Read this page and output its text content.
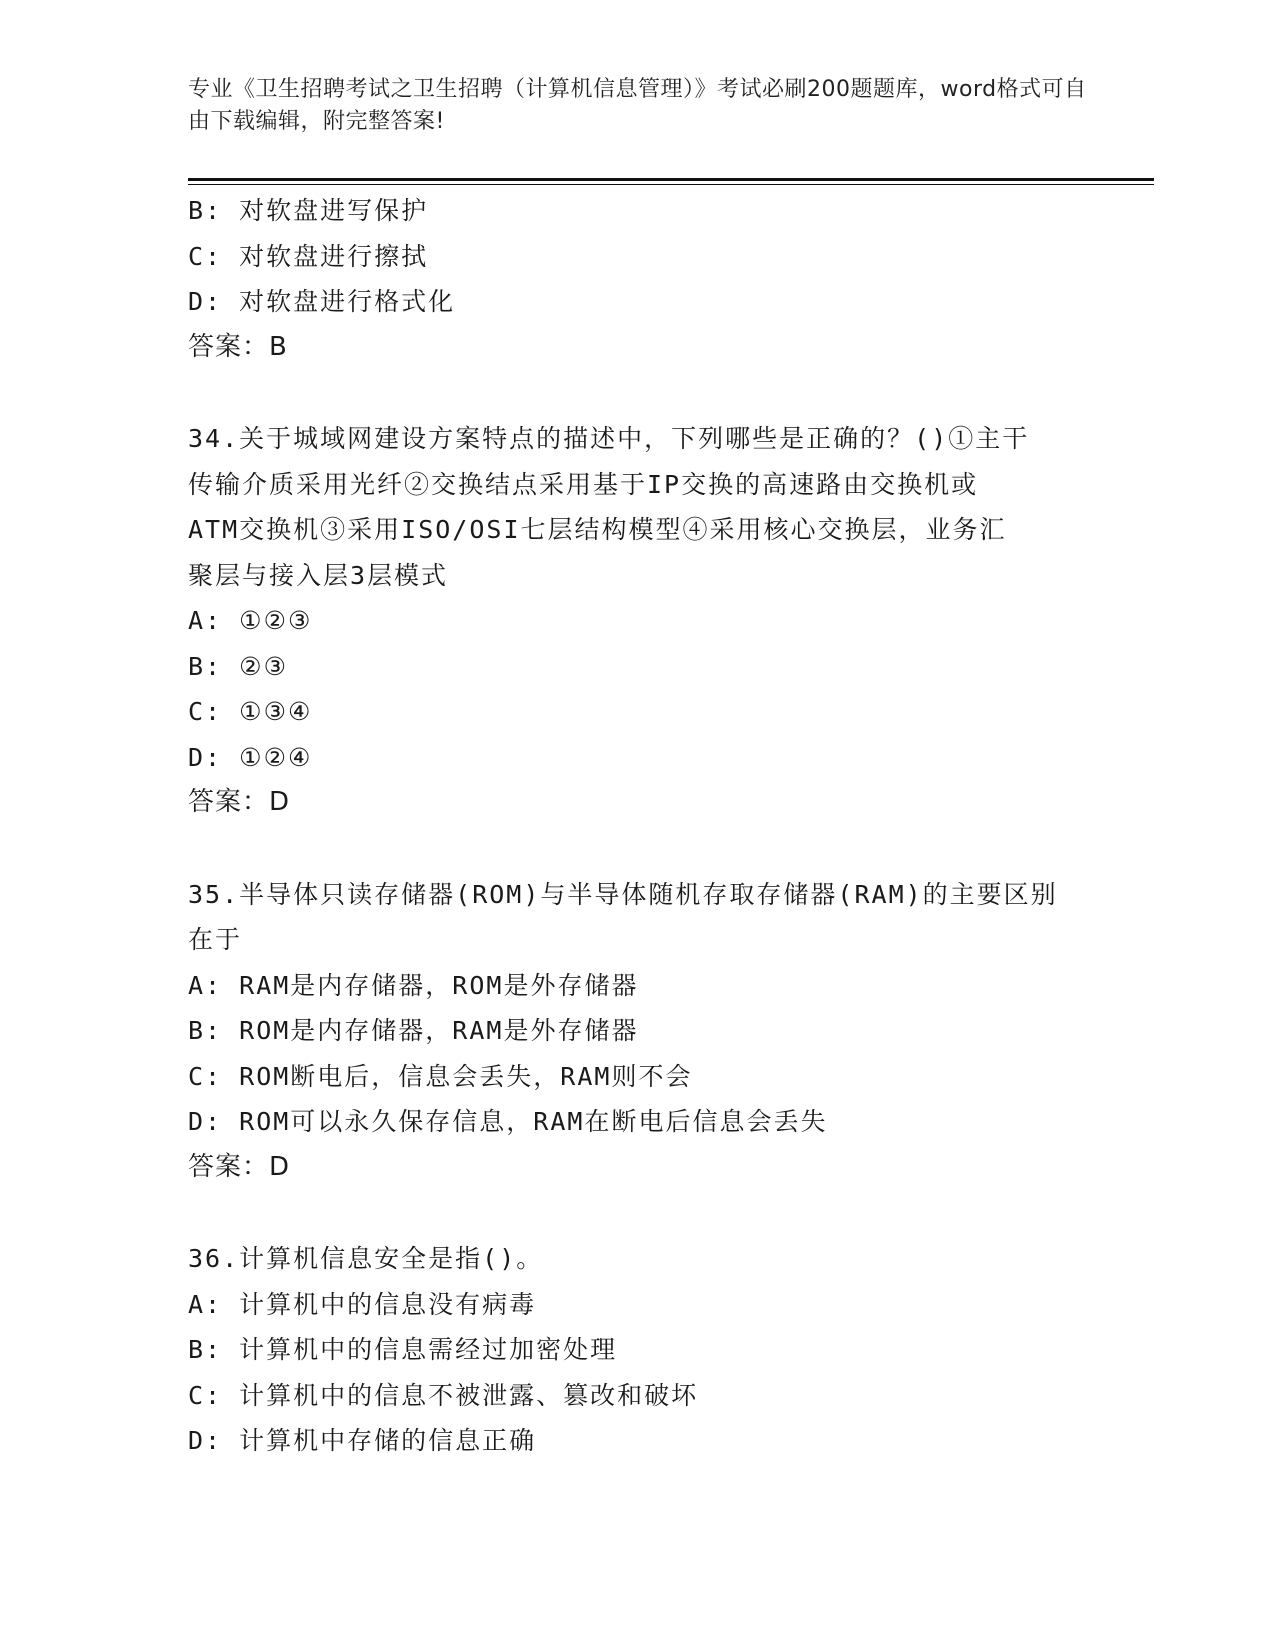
专业《卫生招聘考试之卫生招聘（计算机信息管理）》考试必刷200题题库，word格式可自由下载编辑，附完整答案!
B: 对软盘进写保护
C: 对软盘进行擦拭
D: 对软盘进行格式化
答案：B
34.关于城域网建设方案特点的描述中，下列哪些是正确的？()①主干
传输介质采用光纤②交换结点采用基于IP交换的高速路由交换机或
ATM交换机③采用ISO/OSI七层结构模型④采用核心交换层，业务汇
聚层与接入层3层模式
A: ①②③
B: ②③
C: ①③④
D: ①②④
答案：D
35.半导体只读存储器(ROM)与半导体随机存取存储器(RAM)的主要区别
在于
A: RAM是内存储器，ROM是外存储器
B: ROM是内存储器，RAM是外存储器
C: ROM断电后，信息会丢失，RAM则不会
D: ROM可以永久保存信息，RAM在断电后信息会丢失
答案：D
36.计算机信息安全是指()。
A: 计算机中的信息没有病毒
B: 计算机中的信息需经过加密处理
C: 计算机中的信息不被泄露、篡改和破坏
D: 计算机中存储的信息正确
